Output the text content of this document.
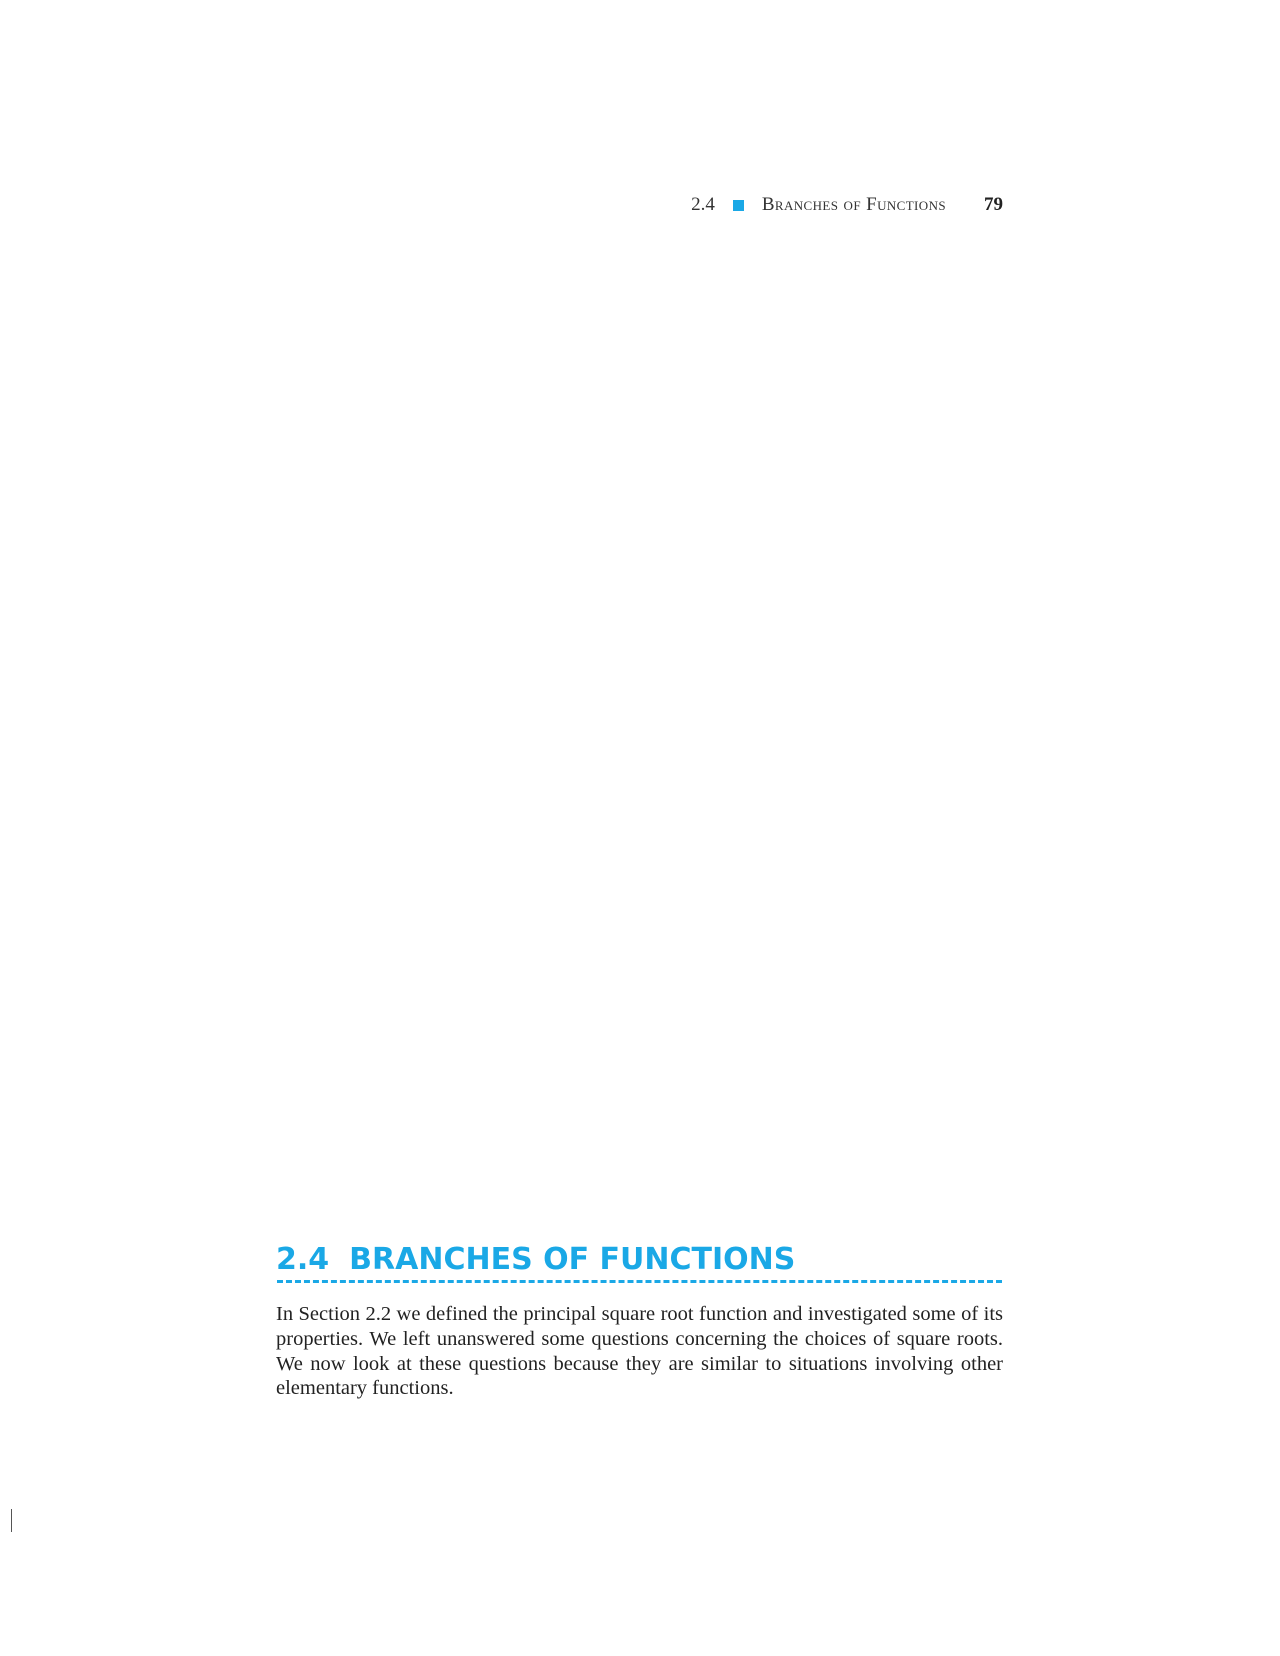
2.4 Branches of Functions 79
2.4 BRANCHES OF FUNCTIONS

In Section 2.2 we defined the principal square root function and investigated some of its properties. We left unanswered some questions concerning the choices of square roots. We now look at these questions because they are similar to situations involving other elementary functions.
